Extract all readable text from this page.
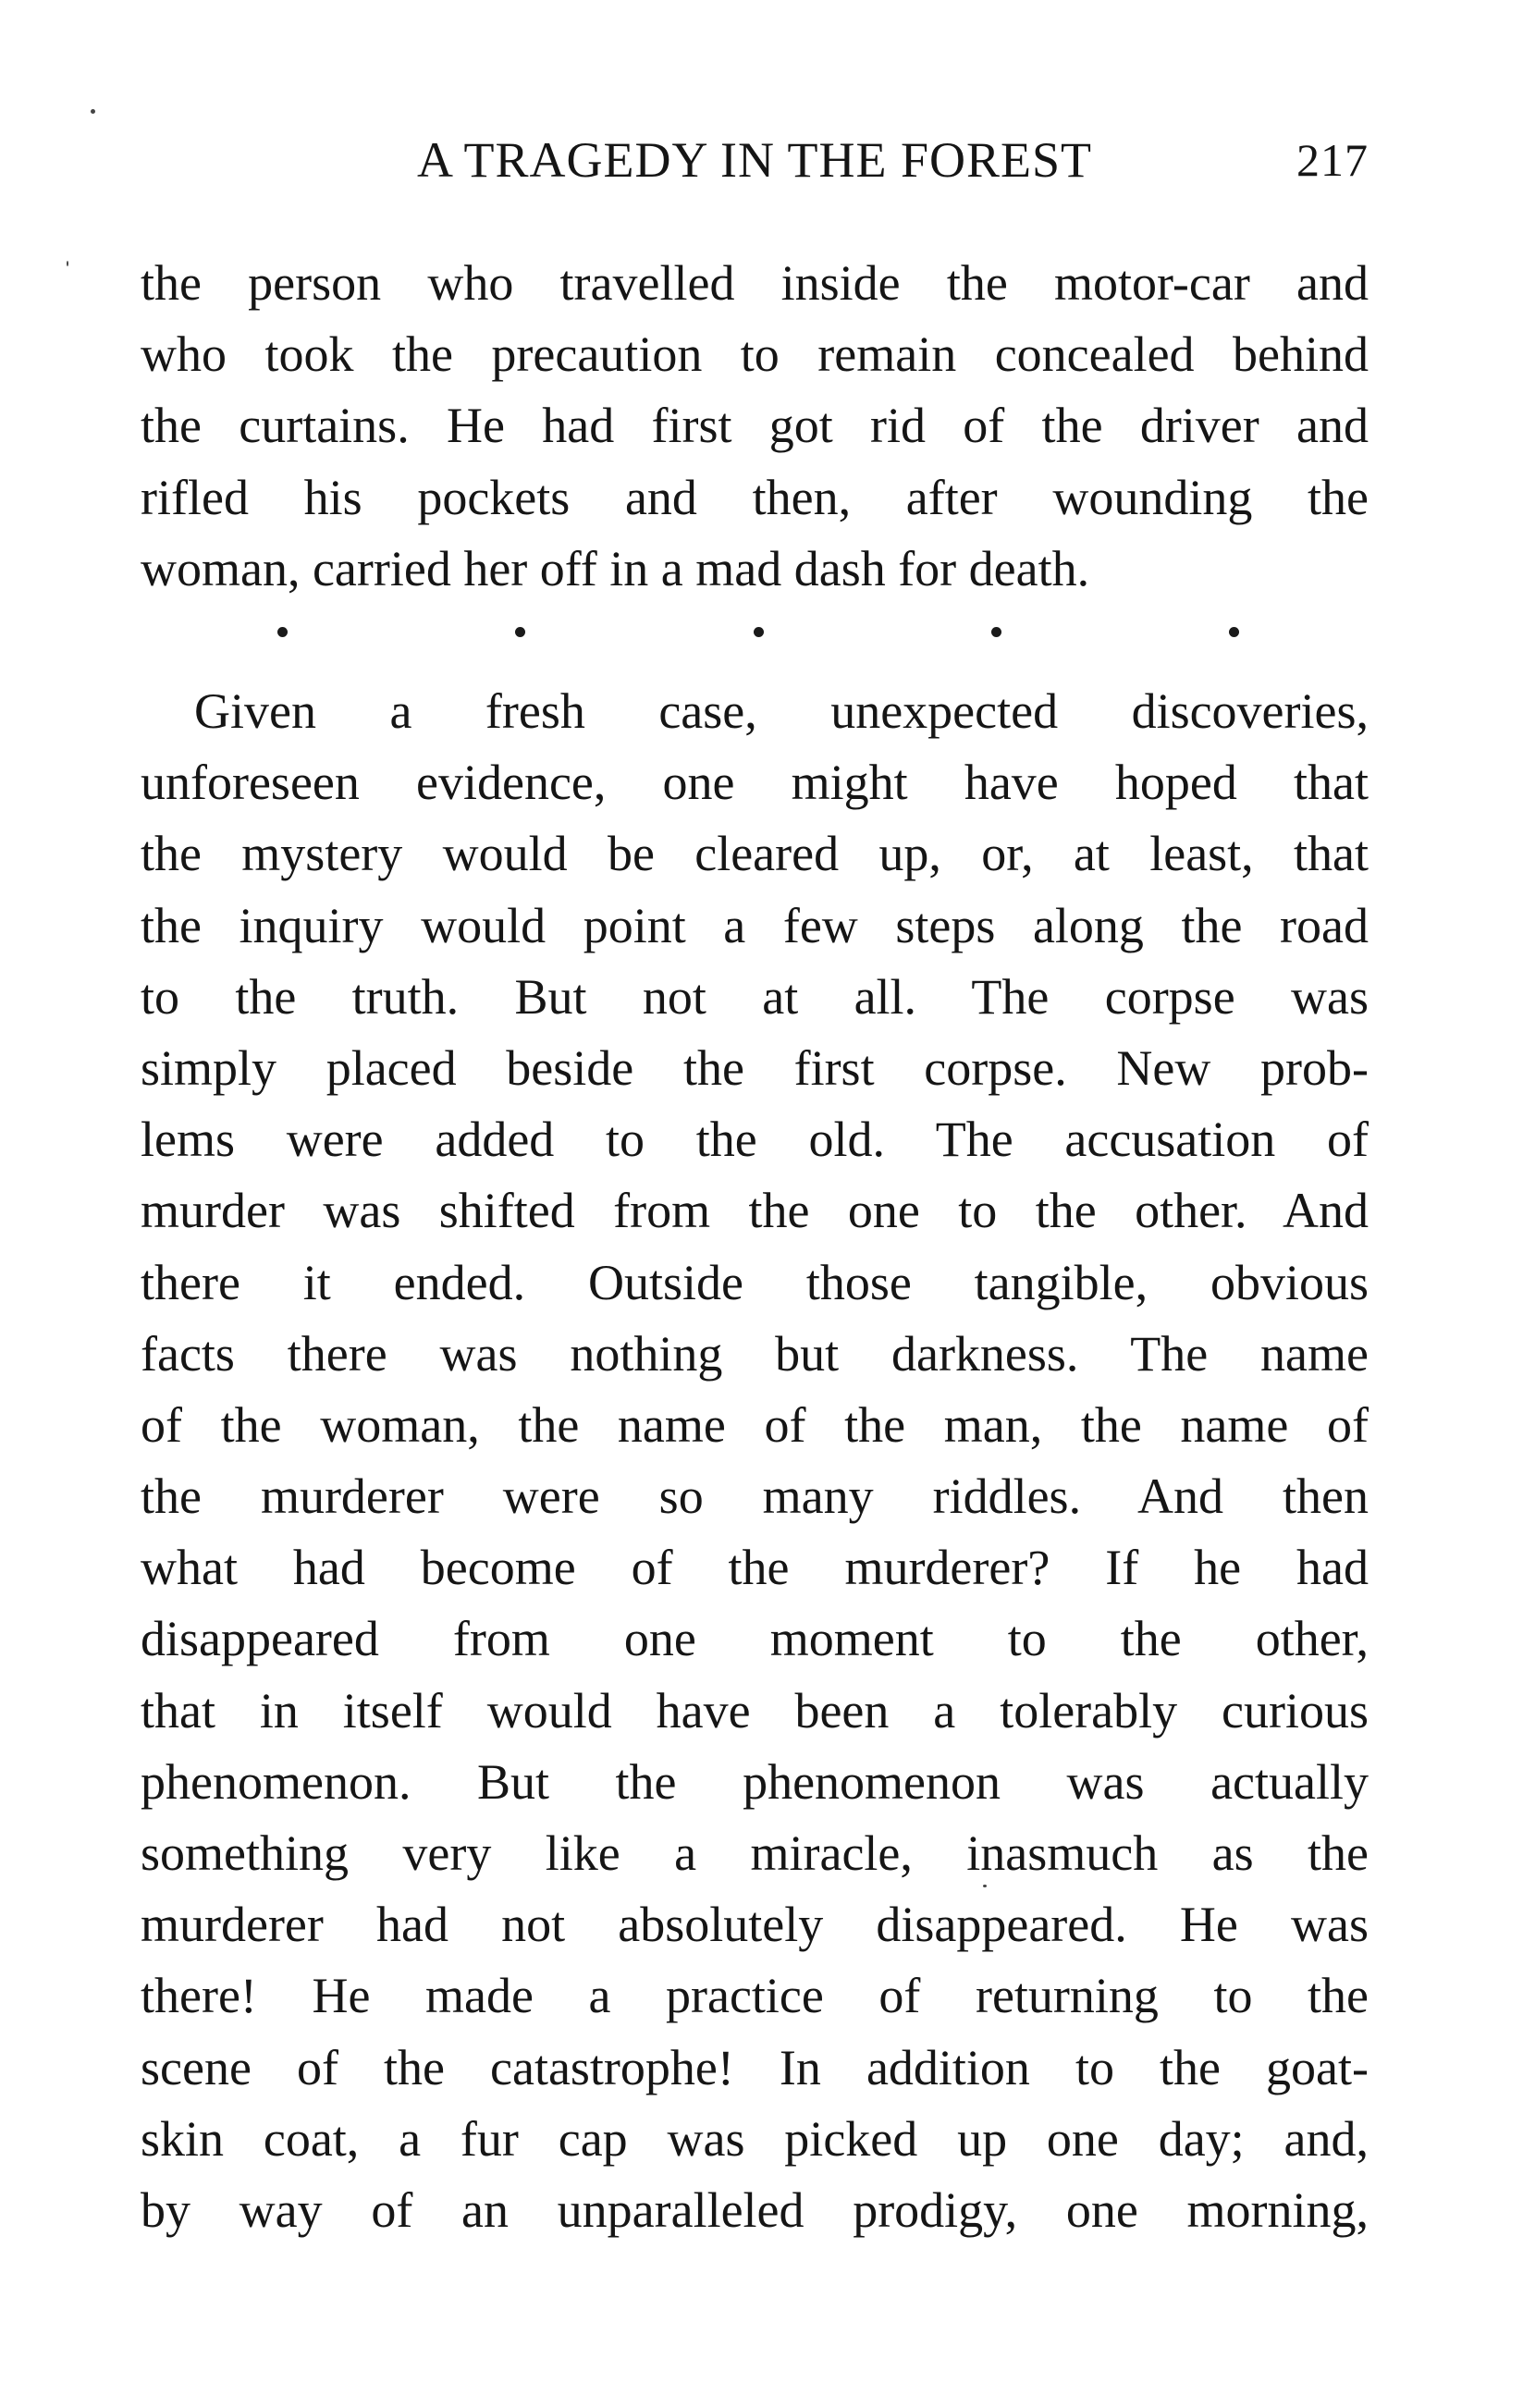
A TRAGEDY IN THE FOREST	217
the person who travelled inside the motor-car and
who took the precaution to remain concealed behind
the curtains. He had first got rid of the driver and
rifled his pockets and then, after wounding the
woman, carried her off in a mad dash for death.
Given a fresh case, unexpected discoveries,
unforeseen evidence, one might have hoped that
the mystery would be cleared up, or, at least, that
the inquiry would point a few steps along the road
to the truth. But not at all. The corpse was
simply placed beside the first corpse. New prob-
lems were added to the old. The accusation of
murder was shifted from the one to the other. And
there it ended. Outside those tangible, obvious
facts there was nothing but darkness. The name
of the woman, the name of the man, the name of
the murderer were so many riddles. And then
what had become of the murderer? If he had
disappeared from one moment to the other,
that in itself would have been a tolerably curious
phenomenon. But the phenomenon was actually
something very like a miracle, inasmuch as the
murderer had not absolutely disappeared. He was
there! He made a practice of returning to the
scene of the catastrophe! In addition to the goat-
skin coat, a fur cap was picked up one day; and,
by way of an unparalleled prodigy, one morning,
